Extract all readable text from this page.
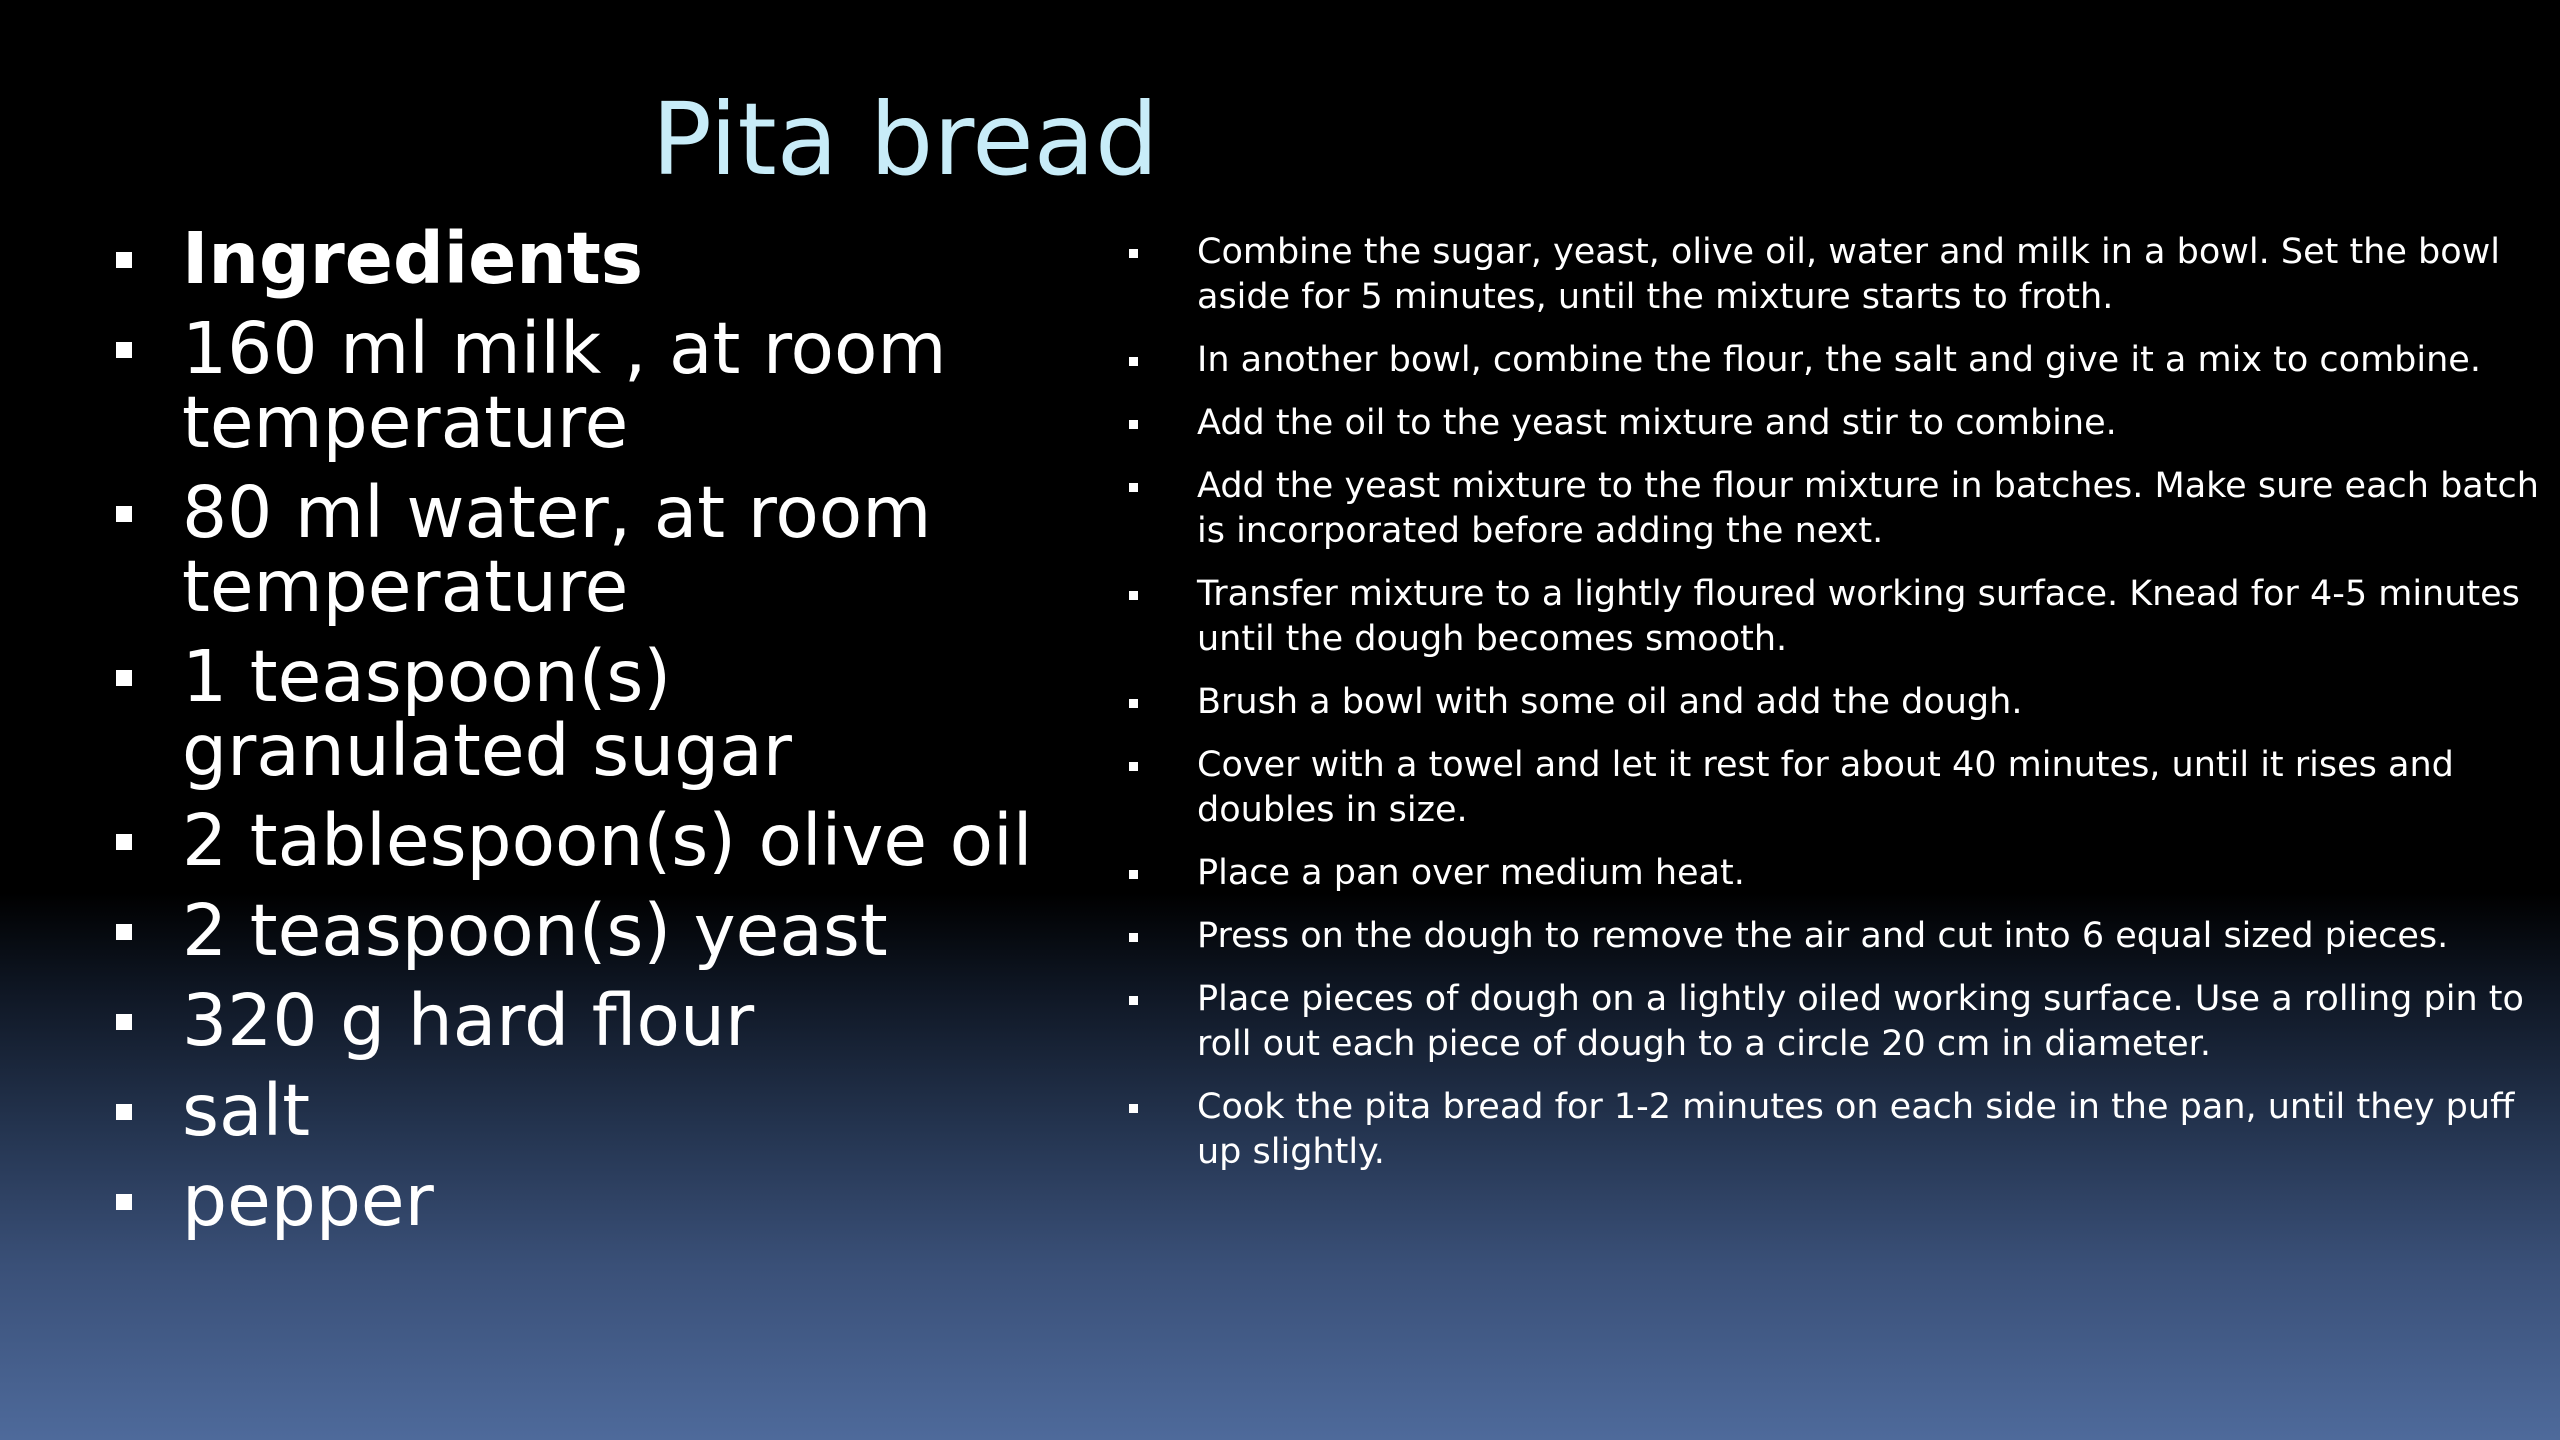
Pita bread
Ingredients
160 ml milk , at room temperature
80 ml water, at room temperature
1 teaspoon(s) granulated sugar
2 tablespoon(s) olive oil
2 teaspoon(s) yeast
320 g hard flour
salt
pepper
Combine the sugar, yeast, olive oil, water and milk in a bowl. Set the bowl aside for 5 minutes, until the mixture starts to froth.
In another bowl, combine the flour, the salt and give it a mix to combine.
Add the oil to the yeast mixture and stir to combine.
Add the yeast mixture to the flour mixture in batches. Make sure each batch is incorporated before adding the next.
Transfer mixture to a lightly floured working surface. Knead for 4-5 minutes until the dough becomes smooth.
Brush a bowl with some oil and add the dough.
Cover with a towel and let it rest for about 40 minutes, until it rises and doubles in size.
Place a pan over medium heat.
Press on the dough to remove the air and cut into 6 equal sized pieces.
Place pieces of dough on a lightly oiled working surface. Use a rolling pin to roll out each piece of dough to a circle 20 cm in diameter.
Cook the pita bread for 1-2 minutes on each side in the pan, until they puff up slightly.
